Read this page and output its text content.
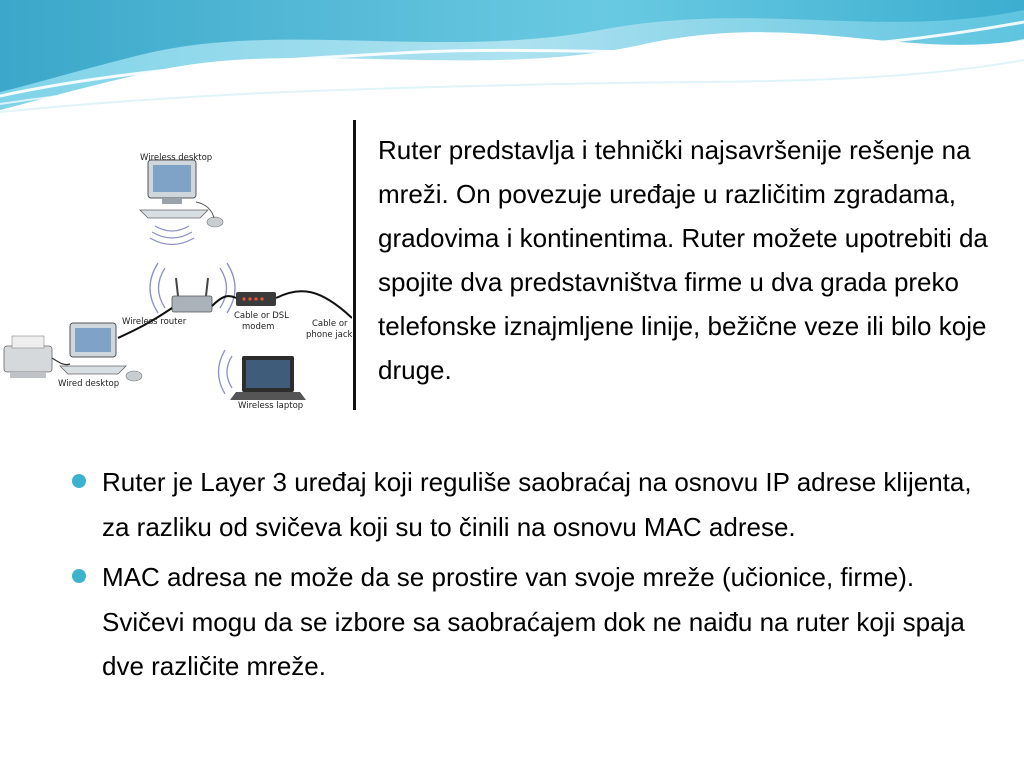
Wireless desktop
Wireless router
Cable or DSL
modem	Cable or
phone jack
Wired desktop
Wireless laptop

Ruter predstavlja i tehnički najsavršenije rešenje na mreži. On povezuje uređaje u različitim zgradama, gradovima i kontinentima. Ruter možete upotrebiti da spojite dva predstavništva firme u dva grada preko telefonske iznajmljene linije, bežične veze ili bilo koje druge.

Ruter je Layer 3 uređaj koji reguliše saobraćaj na osnovu IP adrese klijenta, za razliku od svičeva koji su to činili na osnovu MAC adrese.
MAC adresa ne može da se prostire van svoje mreže (učionice, firme). Svičevi mogu da se izbore sa saobraćajem dok ne naiđu na ruter koji spaja dve različite mreže.
